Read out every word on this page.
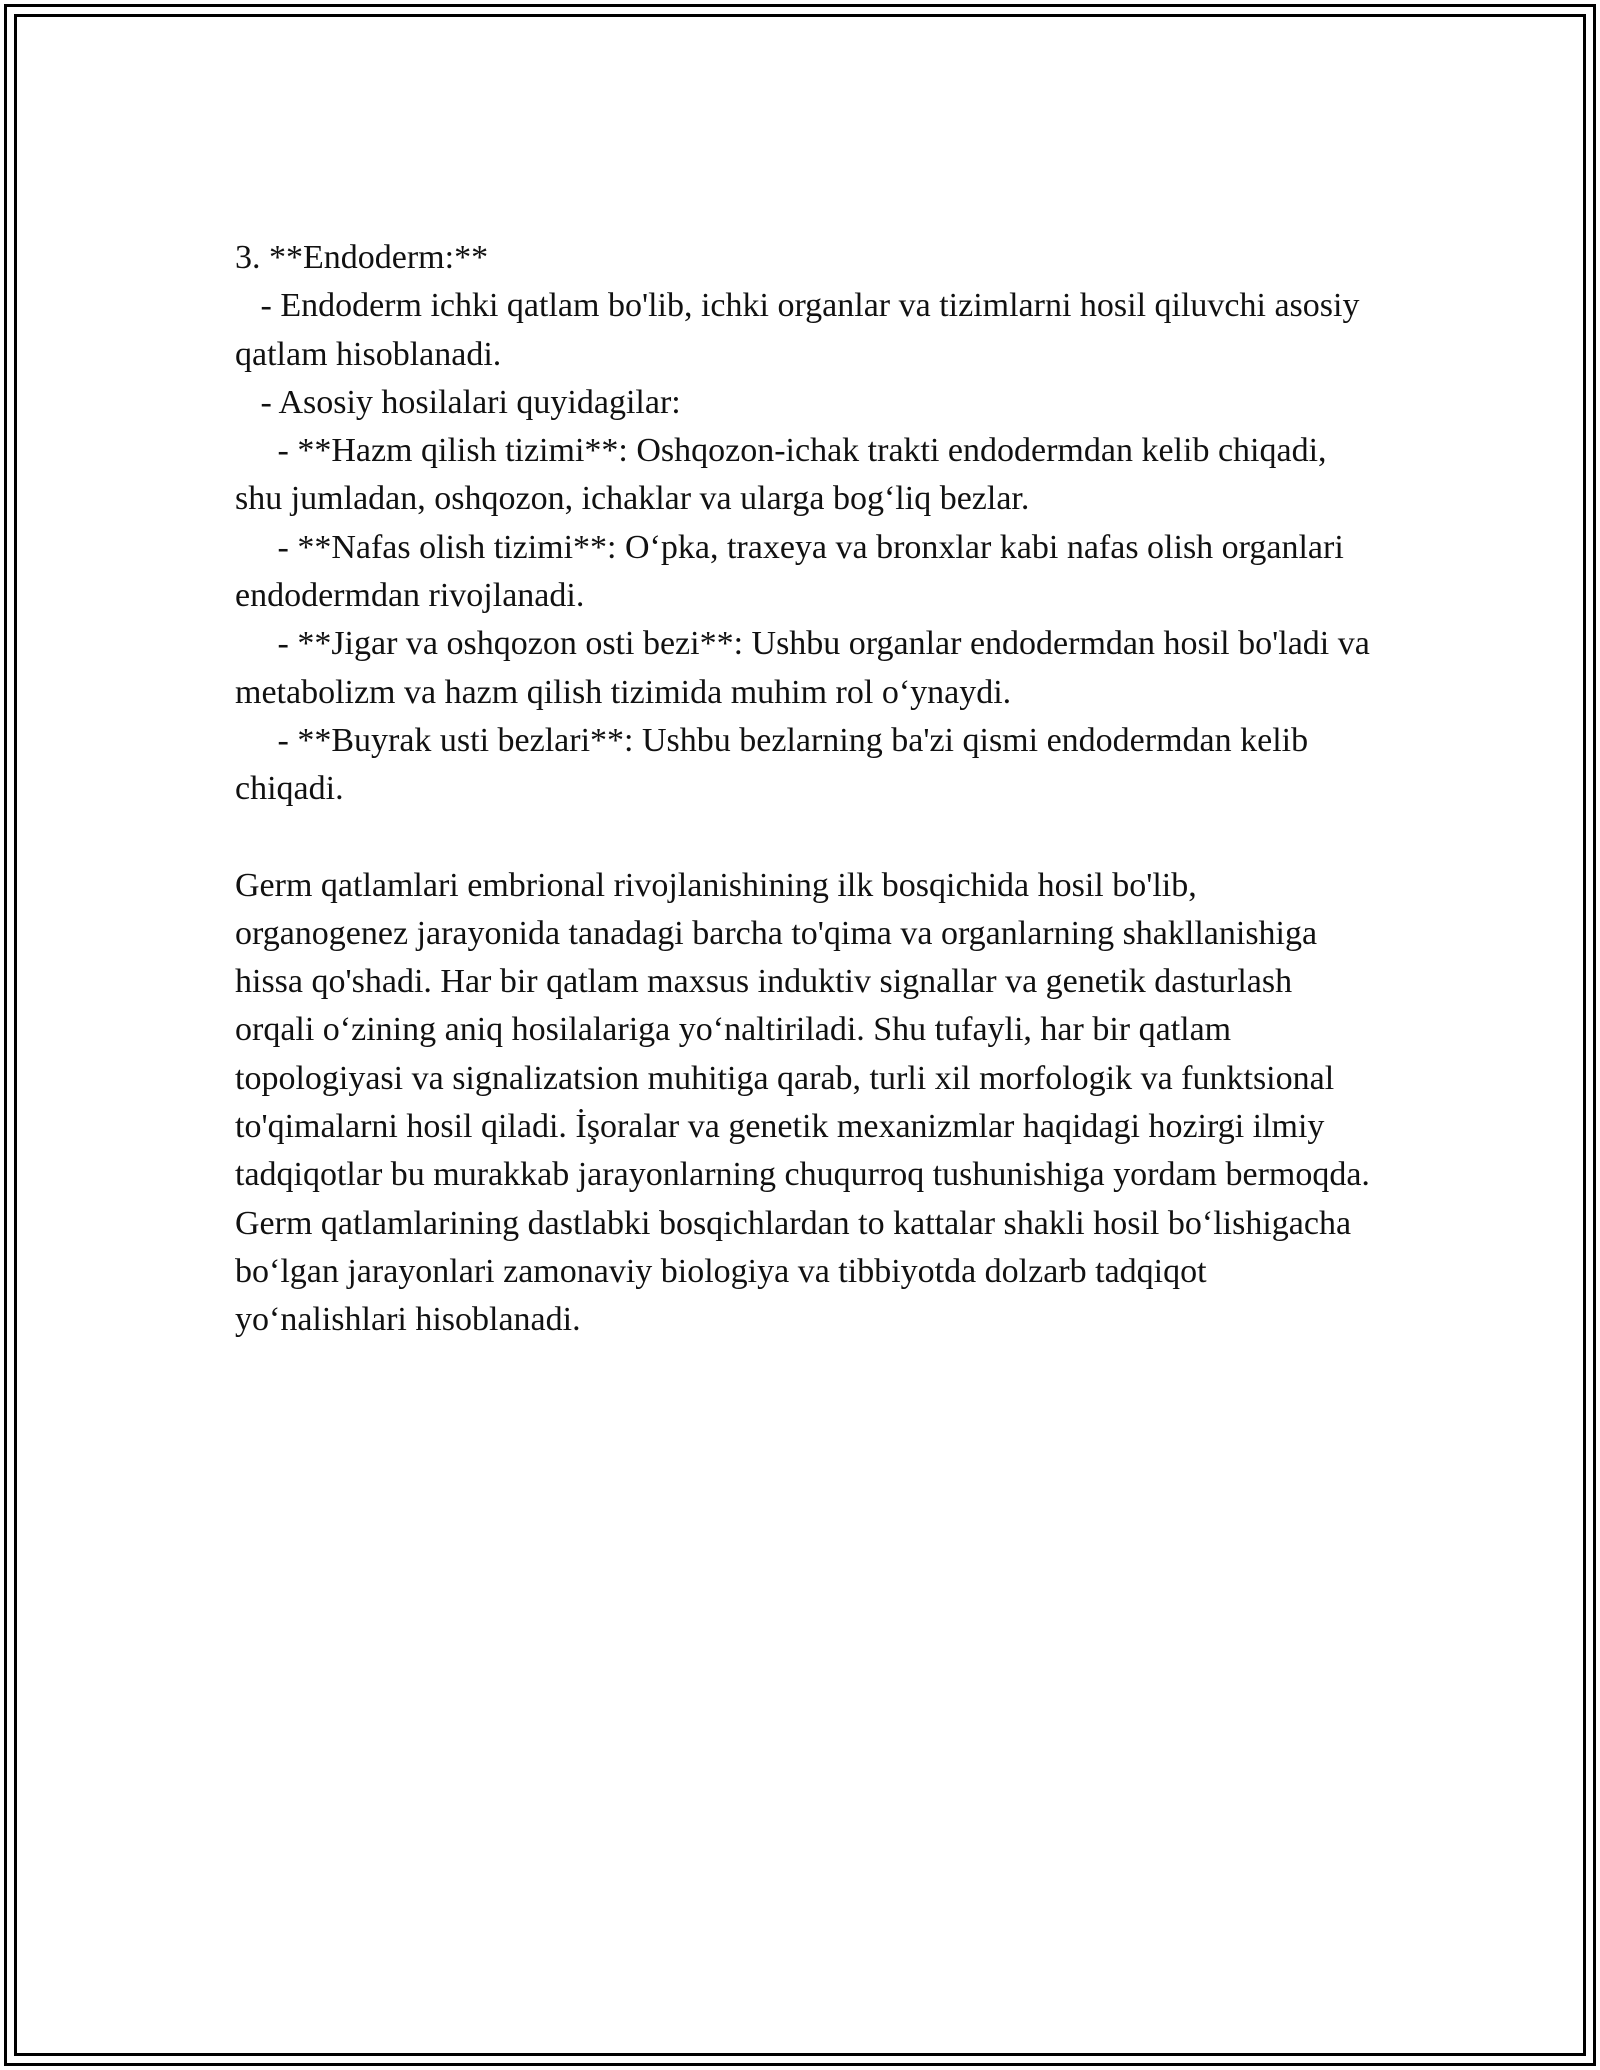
3. **Endoderm:**
- Endoderm ichki qatlam bo'lib, ichki organlar va tizimlarni hosil qiluvchi asosiy qatlam hisoblanadi.
- Asosiy hosilalari quyidagilar:
- **Hazm qilish tizimi**: Oshqozon-ichak trakti endodermdan kelib chiqadi, shu jumladan, oshqozon, ichaklar va ularga bog‘liq bezlar.
- **Nafas olish tizimi**: O‘pka, traxeya va bronxlar kabi nafas olish organlari endodermdan rivojlanadi.
- **Jigar va oshqozon osti bezi**: Ushbu organlar endodermdan hosil bo'ladi va metabolizm va hazm qilish tizimida muhim rol o‘ynaydi.
- **Buyrak usti bezlari**: Ushbu bezlarning ba'zi qismi endodermdan kelib chiqadi.
Germ qatlamlari embrional rivojlanishining ilk bosqichida hosil bo'lib, organogenez jarayonida tanadagi barcha to'qima va organlarning shakllanishiga hissa qo'shadi. Har bir qatlam maxsus induktiv signallar va genetik dasturlash orqali o‘zining aniq hosilalariga yo‘naltiriladi. Shu tufayli, har bir qatlam topologiyasi va signalizatsion muhitiga qarab, turli xil morfologik va funktsional to'qimalarni hosil qiladi. İşoralar va genetik mexanizmlar haqidagi hozirgi ilmiy tadqiqotlar bu murakkab jarayonlarning chuqurroq tushunishiga yordam bermoqda. Germ qatlamlarining dastlabki bosqichlardan to kattalar shakli hosil bo‘lishigacha bo‘lgan jarayonlari zamonaviy biologiya va tibbiyotda dolzarb tadqiqot yo‘nalishlari hisoblanadi.
